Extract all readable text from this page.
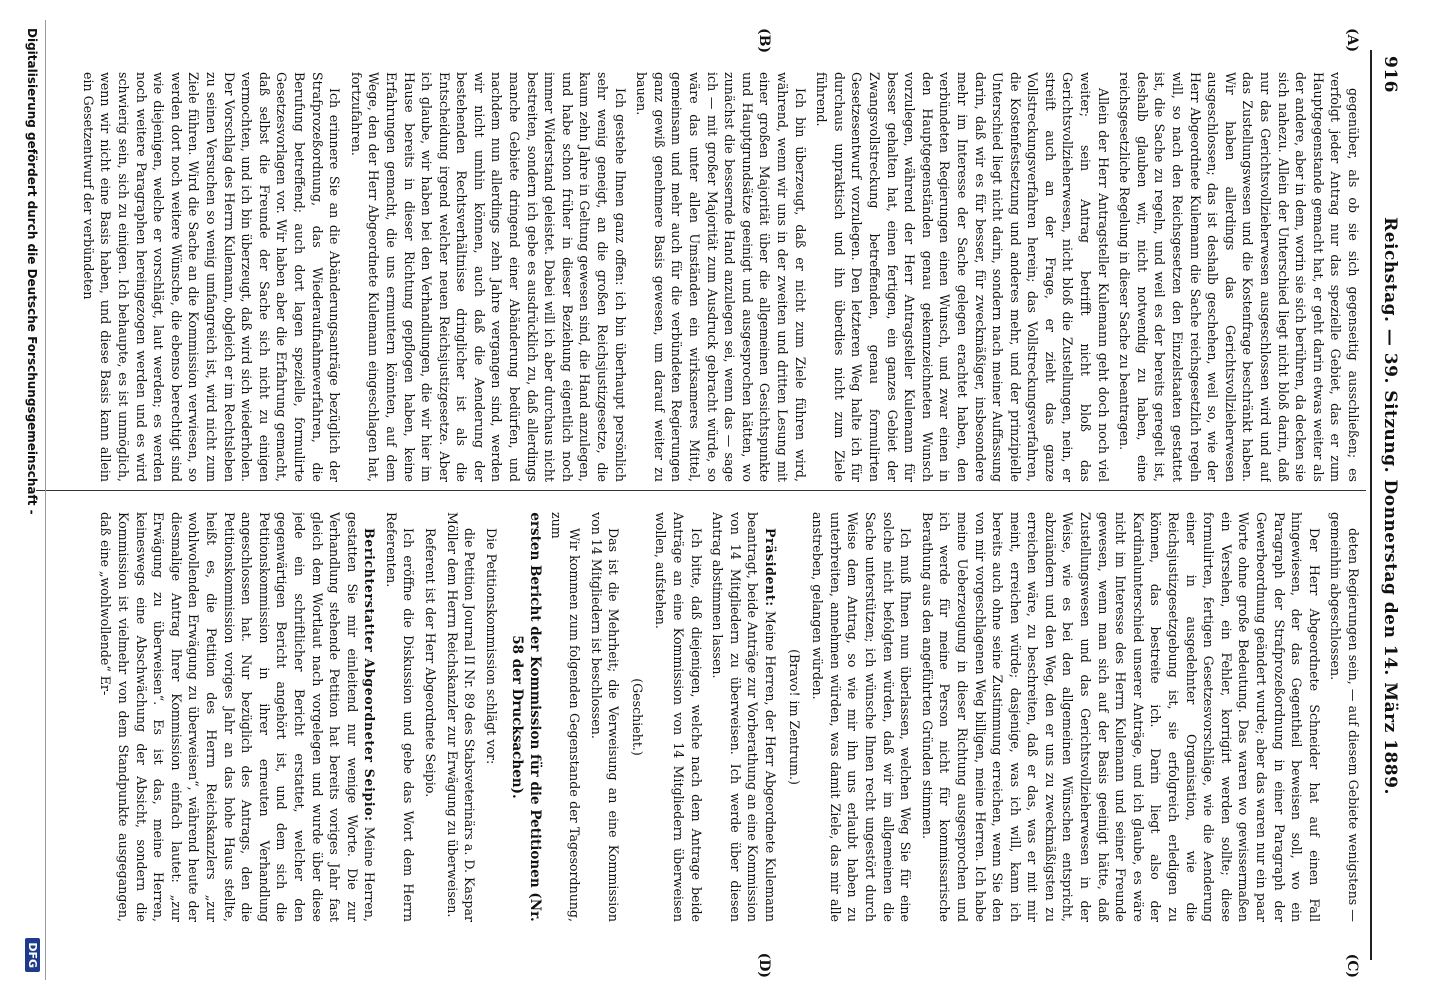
916
Reichstag. — 39. Sitzung. Donnerstag den 14. März 1889.
(A)
(B)
(C)
(D)

gegenüber, als ob sie sich gegenseitig ausschließen; es verfolgt jeder Antrag nur das spezielle Gebiet, das er zum Hauptgegenstande gemacht hat, er geht darin etwas weiter als der andere, aber in dem, worin sie sich berühren, da decken sie sich nahezu. Allein der Unterschied liegt nicht bloß darin, daß nur das Gerichtsvollzieherwesen ausgeschlossen wird und auf das Zustellungswesen und die Kostenfrage beschränkt haben. Wir haben allerdings das Gerichtsvollzieherwesen ausgeschlossen; das ist deshalb geschehen, weil so, wie der Herr Abgeordnete Kulemann die Sache reichsgesetzlich regeln will, so nach den Reichsgesetzen den Einzelstaaten gestattet ist, die Sache zu regeln, und weil es der bereits geregelt ist, deshalb glauben wir, nicht notwendig zu haben, eine reichsgesetzliche Regelung in dieser Sache zu beantragen.

Allein der Herr Antragsteller Kulemann geht doch noch viel weiter; sein Antrag betrifft nicht bloß das Gerichtsvollzieherwesen, nicht bloß die Zustellungen, nein, er streift auch an der Frage, er zieht das ganze Vollstreckungsverfahren herein; das Vollstreckungsverfahren, die Kostenfestsetzung und anderes mehr, und der prinzipielle Unterschied liegt nicht darin, sondern nach meiner Auffassung darin, daß wir es für besser, für zweckmäßiger, insbesondere mehr im Interesse der Sache gelegen erachtet haben, den verbündeten Regierungen einen Wunsch, und zwar einen in den Hauptgegenständen genau gekennzeichneten Wunsch vorzulegen, während der Herr Antragsteller Kulemann für besser gehalten hat, einen fertigen, ein ganzes Gebiet der Zwangsvollstreckung betreffenden, genau formulirten Gesetzesentwurf vorzulegen. Den letzteren Weg halte ich für durchaus unpraktisch und ihn überdies nicht zum Ziele führend.

Ich bin überzeugt, daß er nicht zum Ziele führen wird, während, wenn wir uns in der zweiten und dritten Lesung mit einer großen Majorität über die allgemeinen Gesichtspunkte und Hauptgrundsätze geeinigt und ausgesprochen hätten, wo zunächst die bessernde Hand anzulegen sei, wenn das — sage ich — mit großer Majorität zum Ausdruck gebracht würde, so wäre das unter allen Umständen ein wirksameres Mittel, gemeinsam und mehr auch für die verbündeten Regierungen ganz gewiß genehmere Basis gewesen, um darauf weiter zu bauen.

Ich gestehe Ihnen ganz offen: ich bin überhaupt persönlich sehr wenig geneigt, an die großen Reichsjustizgesetze, die kaum zehn Jahre in Geltung gewesen sind, die Hand anzulegen, und habe schon früher in dieser Beziehung eigentlich noch immer Widerstand geleistet. Dabei will ich aber durchaus nicht bestreiten, sondern ich gebe es ausdrücklich zu, daß allerdings manche Gebiete dringend einer Abänderung bedürfen, und nachdem nun allerdings zehn Jahre vergangen sind, werden wir nicht umhin können, auch daß die Aenderung der bestehenden Rechtsverhältnisse dringlicher ist als die Entscheidung irgend welcher neuen Reichsjustizgesetze. Aber ich glaube, wir haben bei den Verhandlungen, die wir hier im Hause bereits in dieser Richtung gepflogen haben, keine Erfahrungen gemacht, die uns ermuntern könnten, auf dem Wege, den der Herr Abgeordnete Kulemann eingeschlagen hat, fortzufahren.

Ich erinnere Sie an die Abänderungsanträge bezüglich der Strafprozeßordnung, das Wiederaufnahmeverfahren, die Berufung betreffend; auch dort lagen spezielle, formulirte Gesetzesvorlagen vor. Wir haben aber die Erfahrung gemacht, daß selbst die Freunde der Sache sich nicht zu einigen vermochten, und ich bin überzeugt, daß wird sich wiederholen. Der Vorschlag des Herrn Kulemann, obgleich er im Rechtsleben zu seinen Versuchen so wenig umfangreich ist, wird nicht zum Ziele führen. Wird die Sache an die Kommission verwiesen, so werden dort noch weitere Wünsche, die ebenso berechtigt sind wie diejenigen, welche er vorschlägt, laut werden; es werden noch weitere Paragraphen hereingezogen werden und es wird schwierig sein, sich zu einigen. Ich behaupte, es ist unmöglich, wenn wir nicht eine Basis haben, und diese Basis kann allein ein Gesetzentwurf der verbündeten

deten Regierungen sein, — auf diesem Gebiete wenigstens — gemeinhin abgeschlossen.

Der Herr Abgeordnete Schneider hat auf einen Fall hingewiesen, der das Gegentheil beweisen soll, wo ein Paragraph der Strafprozeßordnung in einer Paragraph der Gewerbeordnung geändert wurde; aber das waren nur ein paar Worte ohne große Bedeutung. Das waren wo gewissermaßen ein Versehen, ein Fehler, korrigirt werden sollte; diese formulirten, fertigen Gesetzesvorschläge, wie die Aenderung einer in ausgedehnter Organisation, wie die Reichsjustizgesetzgebung ist, sie erfolgreich erledigen zu können, das bestreite ich. Darin liegt also der Kardinalunterschied unserer Anträge, und ich glaube, es wäre nicht im Interesse des Herrn Kulemann und seiner Freunde gewesen, wenn man sich auf der Basis geeinigt hätte, daß Zustellungswesen und das Gerichtsvollzieherwesen in der Weise, wie es bei den allgemeinen Wünschen entspricht, abzuändern und den Weg, den er uns zu zweckmäßigsten zu erreichen wäre, zu beschreiten, daß er das, was er mit mir meint, erreichen würde; dasjenige, was ich will, kann ich bereits auch ohne seine Zustimmung erreichen, wenn Sie den von mir vorgeschlagenen Weg billigen, meine Herren. Ich habe meine Ueberzeugung in dieser Richtung ausgesprochen und ich werde für meine Person nicht für kommissarische Berathung aus den angeführten Gründen stimmen.

Ich muß Ihnen nun überlassen, welchen Weg Sie für eine solche nicht befolgten würden, daß wir im allgemeinen die Sache unterstützen; ich wünsche Ihnen recht ungestört durch Weise dem Antrag, so wie mir ihn uns erlaubt haben zu unterbreiten, annehmen würden, was damit Ziele, das mir alle anstreben, gelangen würden.

(Bravo! im Zentrum.)

Präsident: Meine Herren, der Herr Abgeordnete Kulemann beantragt, beide Anträge zur Vorberathung an eine Kommission von 14 Mitgliedern zu überweisen. Ich werde über diesen Antrag abstimmen lassen.

Ich bitte, daß diejenigen, welche nach dem Antrage beide Anträge an eine Kommission von 14 Mitgliedern überweisen wollen, aufstehen.

(Geschieht.)

Das ist die Mehrheit; die Verweisung an eine Kommission von 14 Mitgliedern ist beschlossen.

Wir kommen zum folgenden Gegenstande der Tagesordnung, zum

ersten Bericht der Kommission für die Petitionen (Nr. 58 der Drucksachen).

Die Petitionskommission schlägt vor:

die Petition Journal II Nr. 89 des Stabsveterinärs a. D. Kaspar Möller dem Herrn Reichskanzler zur Erwägung zu überweisen.

Referent ist der Herr Abgeordnete Seipio.

Ich eröffne die Diskussion und gebe das Wort dem Herrn Referenten.

Berichterstatter Abgeordneter Seipio: Meine Herren, gestatten Sie mir einleitend nur wenige Worte. Die zur Verhandlung stehende Petition hat bereits voriges Jahr fast gleich dem Wortlaut nach vorgelegen und wurde über diese jede ein schriftlicher Bericht erstattet, welcher den gegenwärtigen Bericht angehört ist, und dem sich die Petitionskommission in ihrer erneuten Verhandlung angeschlossen hat. Nur bezüglich des Antrags, den die Petitionskommission voriges Jahr an das hohe Haus stellte, heißt es, die Petition des Herrn Reichskanzlers „zur wohlwollenden Erwägung zu überweisen“, während heute der diesmalige Antrag Ihrer Kommission einfach lautet: „zur Erwägung zu überweisen“. Es ist das, meine Herren, keineswegs eine Abschwächung der Absicht, sondern die Kommission ist vielmehr von dem Standpunkte ausgegangen, daß eine „wohlwollende“ Er-

Digitalisierung gefördert durch die Deutsche Forschungsgemeinschaft -
DFG
